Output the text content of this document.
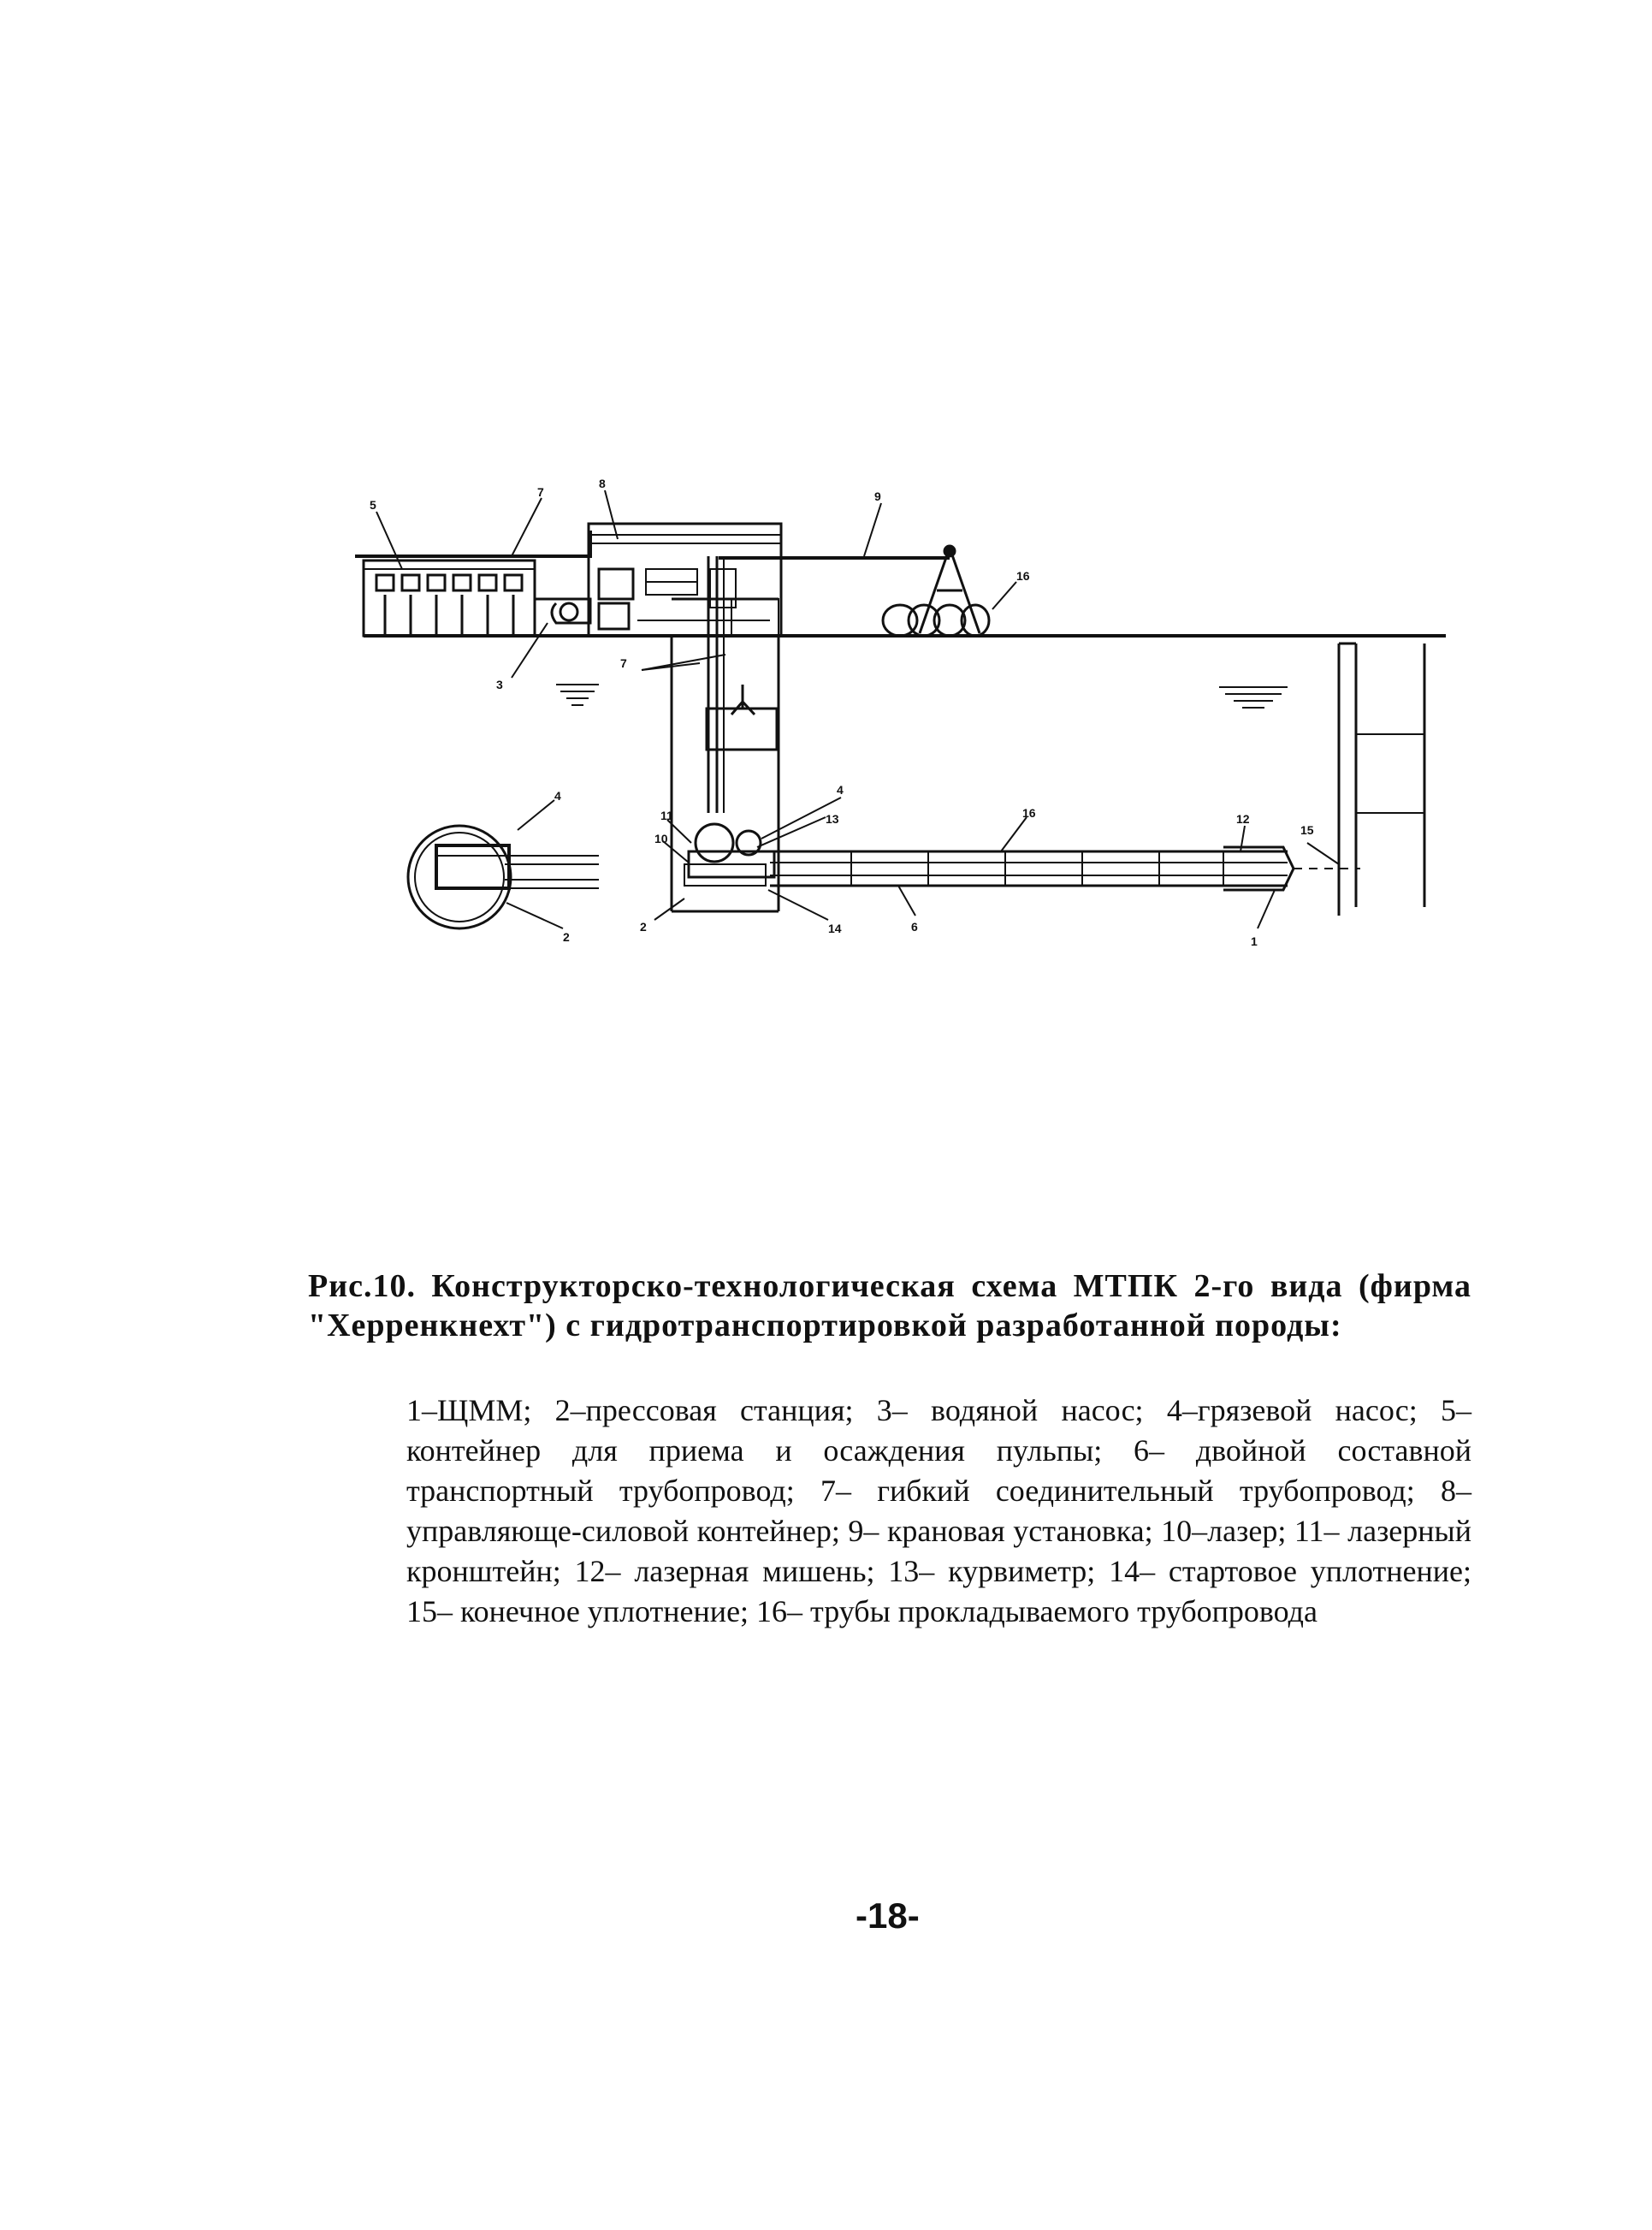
5
7
8
9
16
3
7
4
2
4
13
11
10
2	14	6
16	12
15
1
Рис.10. Конструкторско-технологическая схема МТПК 2-го вида (фирма "Херренкнехт") с гидротранспортировкой разработанной породы:
1–ЩММ; 2–прессовая станция; 3– водяной насос; 4–грязевой насос; 5–контейнер для приема и осаждения пульпы; 6– двойной составной транспортный трубопровод; 7– гибкий соединительный трубопровод; 8–управляюще-силовой контейнер; 9– крановая установка; 10–лазер; 11– лазерный кронштейн; 12– лазерная мишень; 13– курвиметр; 14– стартовое уплотнение; 15– конечное уплотнение; 16– трубы прокладываемого трубопровода
-18-
